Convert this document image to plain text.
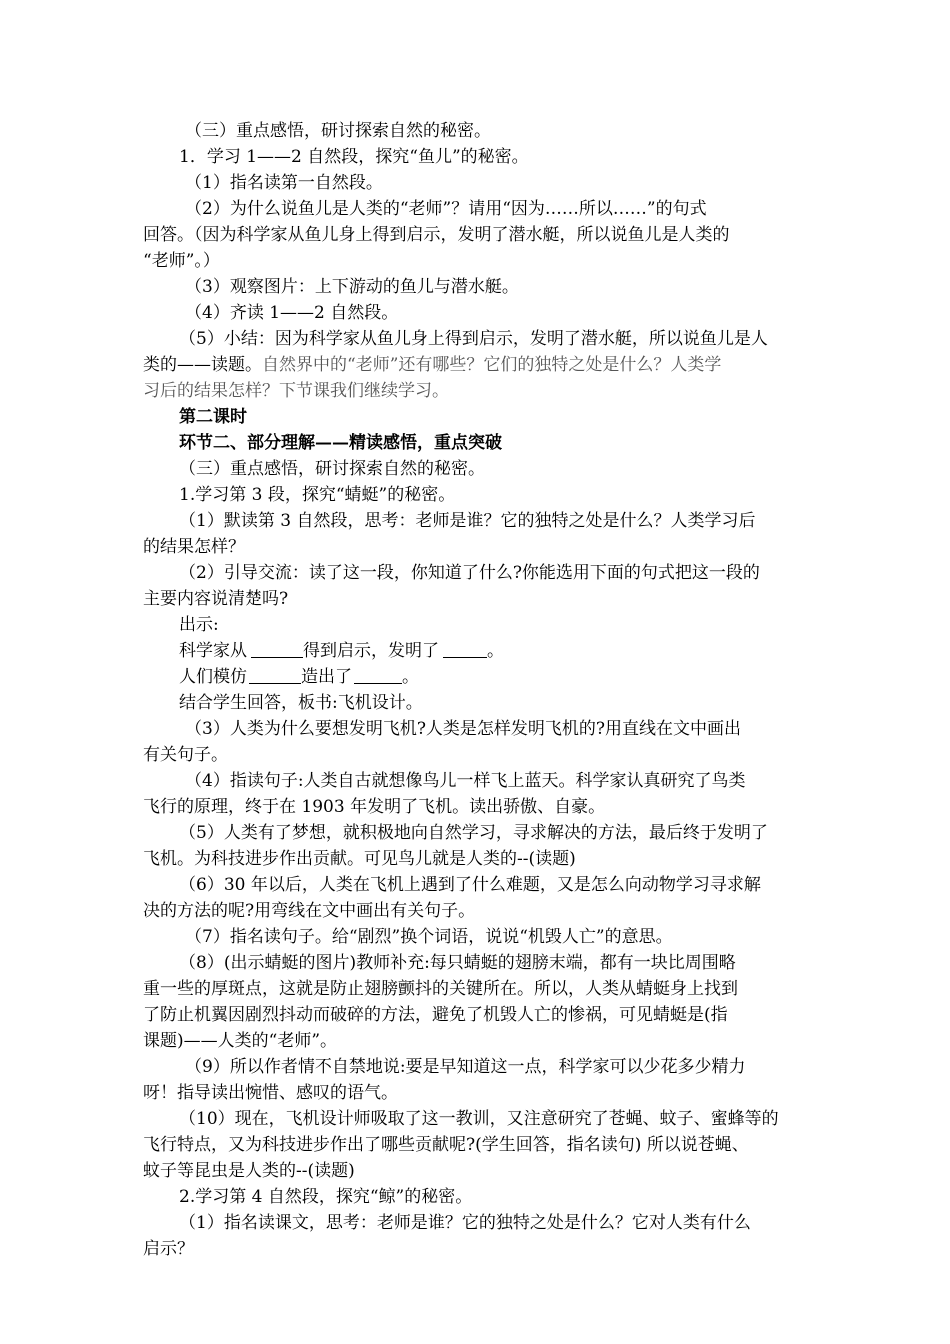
（三）重点感悟，研讨探索自然的秘密。
1．学习 1——2 自然段，探究“鱼儿”的秘密。
（1）指名读第一自然段。
（2）为什么说鱼儿是人类的“老师”？请用“因为……所以……”的句式
回答。（因为科学家从鱼儿身上得到启示，发明了潜水艇，所以说鱼儿是人类的
“老师”。）
（3）观察图片：上下游动的鱼儿与潜水艇。
（4）齐读 1——2 自然段。
（5）小结：因为科学家从鱼儿身上得到启示，发明了潜水艇，所以说鱼儿是人
类的——读题。自然界中的“老师”还有哪些？它们的独特之处是什么？人类学
习后的结果怎样？下节课我们继续学习。
第二课时
环节二、部分理解——精读感悟，重点突破
（三）重点感悟，研讨探索自然的秘密。
1.学习第 3 段，探究“蜻蜓”的秘密。
（1）默读第 3 自然段，思考：老师是谁？它的独特之处是什么？人类学习后
的结果怎样？
（2）引导交流：读了这一段，你知道了什么?你能选用下面的句式把这一段的
主要内容说清楚吗?
出示:
科学家从	得到启示，发明了	。
人们模仿	造出了	。
结合学生回答，板书:飞机设计。
（3）人类为什么要想发明飞机?人类是怎样发明飞机的?用直线在文中画出
有关句子。
（4）指读句子:人类自古就想像鸟儿一样飞上蓝天。科学家认真研究了鸟类
飞行的原理，终于在 1903 年发明了飞机。读出骄傲、自豪。
（5）人类有了梦想，就积极地向自然学习，寻求解决的方法，最后终于发明了
飞机。为科技进步作出贡献。可见鸟儿就是人类的--(读题)
（6）30 年以后，人类在飞机上遇到了什么难题，又是怎么向动物学习寻求解
决的方法的呢?用弯线在文中画出有关句子。
（7）指名读句子。给“剧烈”换个词语，说说“机毁人亡”的意思。
（8）(出示蜻蜓的图片)教师补充:每只蜻蜓的翅膀末端，都有一块比周围略
重一些的厚斑点，这就是防止翅膀颤抖的关键所在。所以，人类从蜻蜓身上找到
了防止机翼因剧烈抖动而破碎的方法，避免了机毁人亡的惨祸，可见蜻蜓是(指
课题)——人类的“老师”。
（9）所以作者情不自禁地说:要是早知道这一点，科学家可以少花多少精力
呀！指导读出惋惜、感叹的语气。
（10）现在，飞机设计师吸取了这一教训，又注意研究了苍蝇、蚊子、蜜蜂等的
飞行特点，又为科技进步作出了哪些贡献呢?(学生回答，指名读句) 所以说苍蝇、
蚊子等昆虫是人类的--(读题)
2.学习第 4 自然段，探究“鲸”的秘密。
（1）指名读课文，思考：老师是谁？它的独特之处是什么？它对人类有什么
启示？
